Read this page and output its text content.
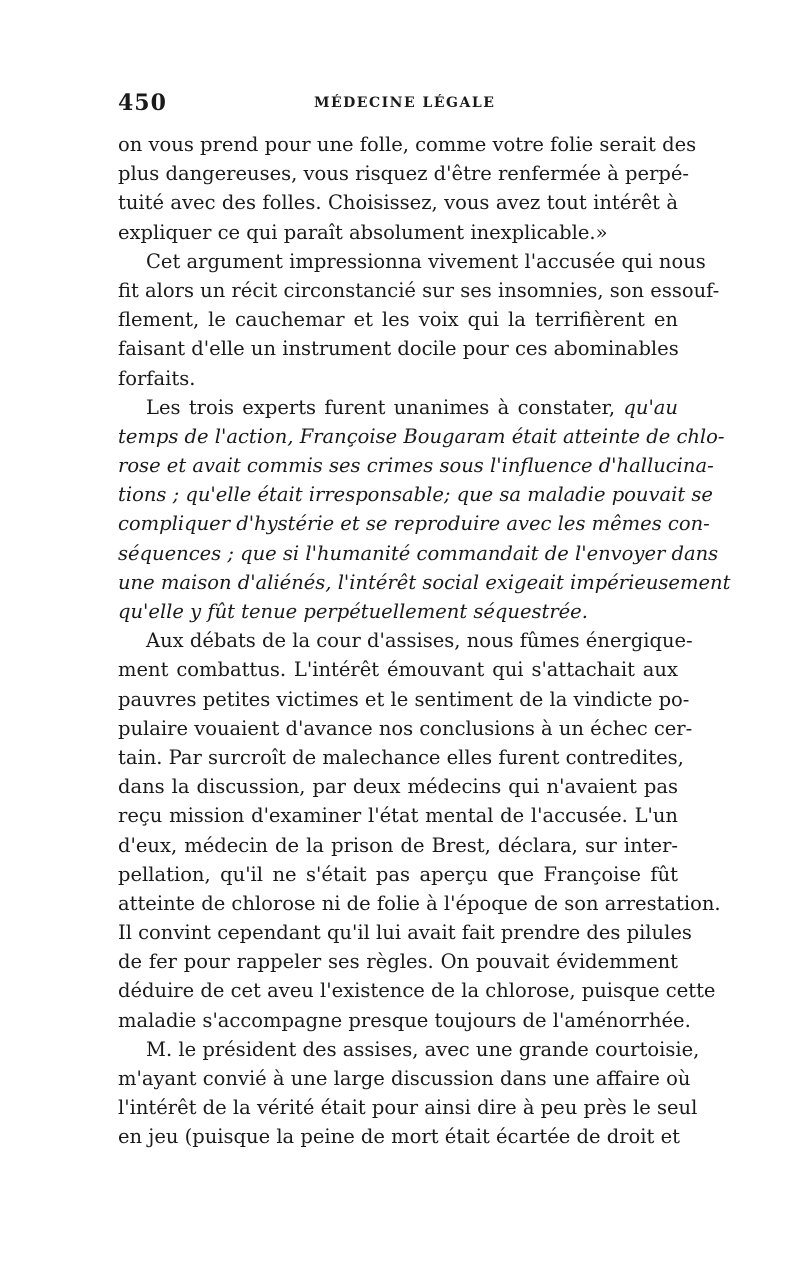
450	MÉDECINE LÉGALE
on vous prend pour une folle, comme votre folie serait des
plus dangereuses, vous risquez d'être renfermée à perpé-
tuité avec des folles. Choisissez, vous avez tout intérêt à
expliquer ce qui paraît absolument inexplicable.»
Cet argument impressionna vivement l'accusée qui nous
fit alors un récit circonstancié sur ses insomnies, son essouf-
flement, le cauchemar et les voix qui la terrifièrent en
faisant d'elle un instrument docile pour ces abominables
forfaits.
Les trois experts furent unanimes à constater, qu'au
temps de l'action, Françoise Bougaram était atteinte de chlo-
rose et avait commis ses crimes sous l'influence d'hallucina-
tions ; qu'elle était irresponsable; que sa maladie pouvait se
compliquer d'hystérie et se reproduire avec les mêmes con-
séquences ; que si l'humanité commandait de l'envoyer dans
une maison d'aliénés, l'intérêt social exigeait impérieusement
qu'elle y fût tenue perpétuellement séquestrée.
Aux débats de la cour d'assises, nous fûmes énergique-
ment combattus. L'intérêt émouvant qui s'attachait aux
pauvres petites victimes et le sentiment de la vindicte po-
pulaire vouaient d'avance nos conclusions à un échec cer-
tain. Par surcroît de malechance elles furent contredites,
dans la discussion, par deux médecins qui n'avaient pas
reçu mission d'examiner l'état mental de l'accusée. L'un
d'eux, médecin de la prison de Brest, déclara, sur inter-
pellation, qu'il ne s'était pas aperçu que Françoise fût
atteinte de chlorose ni de folie à l'époque de son arrestation.
Il convint cependant qu'il lui avait fait prendre des pilules
de fer pour rappeler ses règles. On pouvait évidemment
déduire de cet aveu l'existence de la chlorose, puisque cette
maladie s'accompagne presque toujours de l'aménorrhée.
M. le président des assises, avec une grande courtoisie,
m'ayant convié à une large discussion dans une affaire où
l'intérêt de la vérité était pour ainsi dire à peu près le seul
en jeu (puisque la peine de mort était écartée de droit et
